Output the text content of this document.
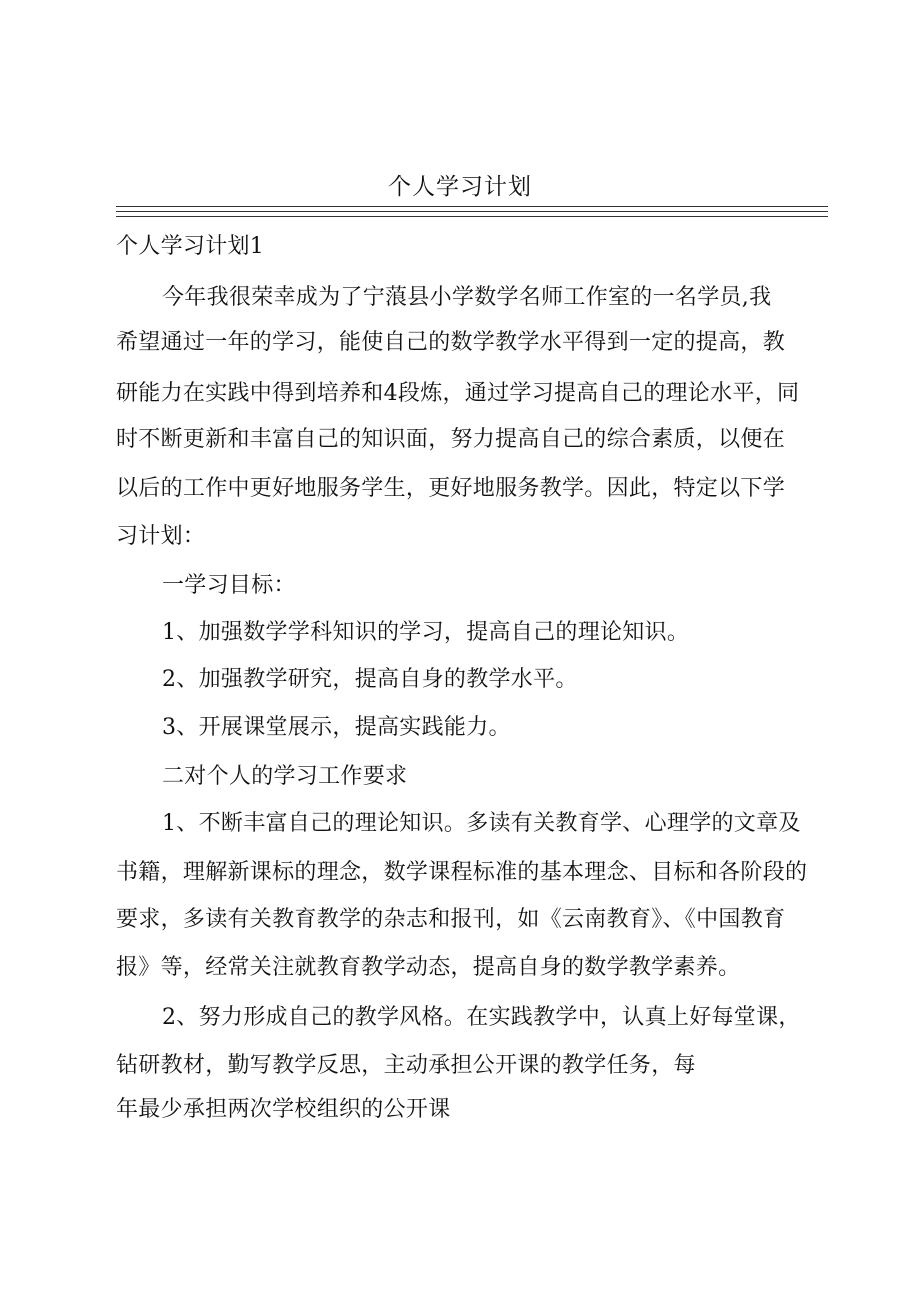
个人学习计划
个人学习计划1
今年我很荣幸成为了宁蒗县小学数学名师工作室的一名学员,我
希望通过一年的学习，能使自己的数学教学水平得到一定的提高，教
研能力在实践中得到培养和4段炼，通过学习提高自己的理论水平，同
时不断更新和丰富自己的知识面，努力提高自己的综合素质，以便在
以后的工作中更好地服务学生，更好地服务教学。因此，特定以下学
习计划：
一学习目标：
1、加强数学学科知识的学习，提高自己的理论知识。
2、加强教学研究，提高自身的教学水平。
3、开展课堂展示，提高实践能力。
二对个人的学习工作要求
1、不断丰富自己的理论知识。多读有关教育学、心理学的文章及
书籍，理解新课标的理念，数学课程标准的基本理念、目标和各阶段的
要求，多读有关教育教学的杂志和报刊，如《云南教育》、《中国教育
报》等，经常关注就教育教学动态，提高自身的数学教学素养。
2、努力形成自己的教学风格。在实践教学中，认真上好每堂课，
钻研教材，勤写教学反思，主动承担公开课的教学任务，每
年最少承担两次学校组织的公开课
